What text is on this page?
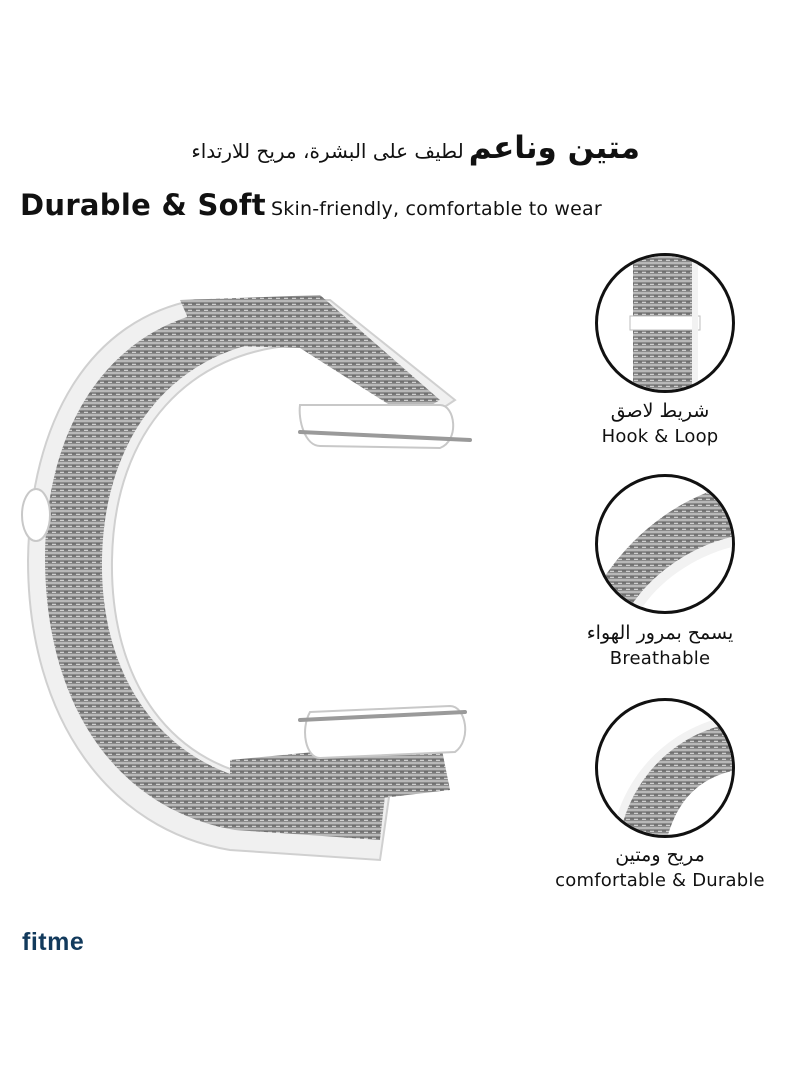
متين وناعم لطيف على البشرة، مريح للارتداء
Durable & Soft Skin-friendly, comfortable to wear
شريط لاصق
Hook & Loop
يسمح بمرور الهواء
Breathable
مريح ومتين
comfortable & Durable
fitme
